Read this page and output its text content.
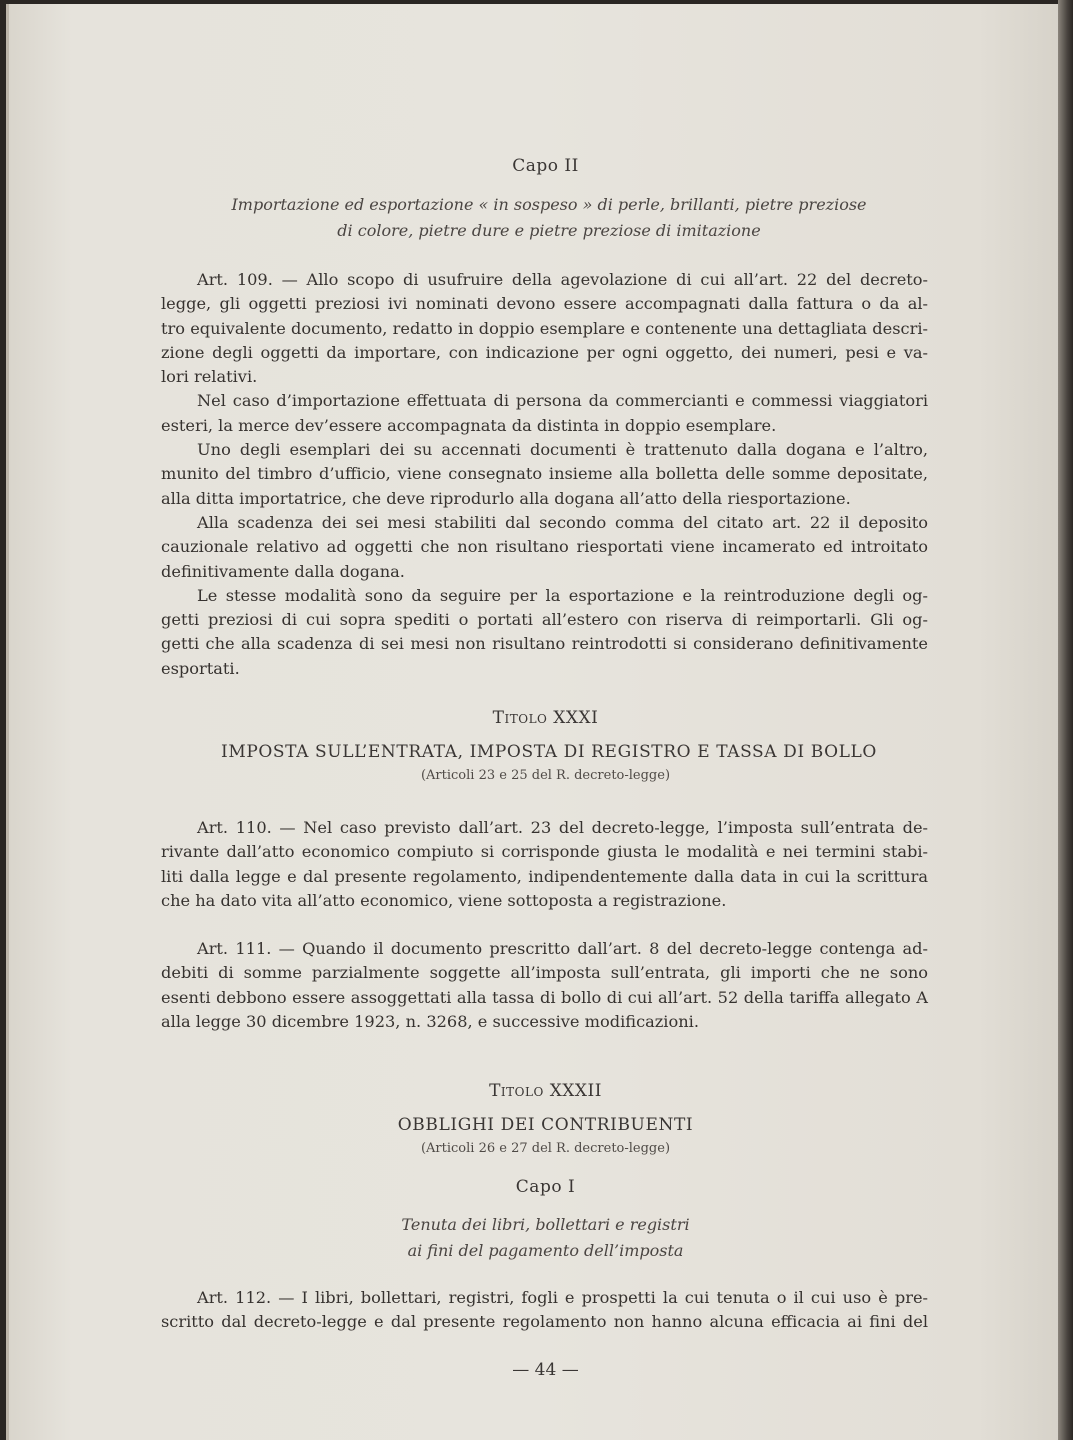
Capo II
Importazione ed esportazione « in sospeso » di perle, brillanti, pietre preziose
di colore, pietre dure e pietre preziose di imitazione
Art. 109. — Allo scopo di usufruire della agevolazione di cui all’art. 22 del decreto-
legge, gli oggetti preziosi ivi nominati devono essere accompagnati dalla fattura o da al-
tro equivalente documento, redatto in doppio esemplare e contenente una dettagliata descri-
zione degli oggetti da importare, con indicazione per ogni oggetto, dei numeri, pesi e va-
lori relativi.
Nel caso d’importazione effettuata di persona da commercianti e commessi viaggiatori
esteri, la merce dev’essere accompagnata da distinta in doppio esemplare.
Uno degli esemplari dei su accennati documenti è trattenuto dalla dogana e l’altro,
munito del timbro d’ufficio, viene consegnato insieme alla bolletta delle somme depositate,
alla ditta importatrice, che deve riprodurlo alla dogana all’atto della riesportazione.
Alla scadenza dei sei mesi stabiliti dal secondo comma del citato art. 22 il deposito
cauzionale relativo ad oggetti che non risultano riesportati viene incamerato ed introitato
definitivamente dalla dogana.
Le stesse modalità sono da seguire per la esportazione e la reintroduzione degli og-
getti preziosi di cui sopra spediti o portati all’estero con riserva di reimportarli. Gli og-
getti che alla scadenza di sei mesi non risultano reintrodotti si considerano definitivamente
esportati.
Titolo XXXI
IMPOSTA SULL’ENTRATA, IMPOSTA DI REGISTRO E TASSA DI BOLLO
(Articoli 23 e 25 del R. decreto-legge)
Art. 110. — Nel caso previsto dall’art. 23 del decreto-legge, l’imposta sull’entrata de-
rivante dall’atto economico compiuto si corrisponde giusta le modalità e nei termini stabi-
liti dalla legge e dal presente regolamento, indipendentemente dalla data in cui la scrittura
che ha dato vita all’atto economico, viene sottoposta a registrazione.
Art. 111. — Quando il documento prescritto dall’art. 8 del decreto-legge contenga ad-
debiti di somme parzialmente soggette all’imposta sull’entrata, gli importi che ne sono
esenti debbono essere assoggettati alla tassa di bollo di cui all’art. 52 della tariffa allegato A
alla legge 30 dicembre 1923, n. 3268, e successive modificazioni.
Titolo XXXII
OBBLIGHI DEI CONTRIBUENTI
(Articoli 26 e 27 del R. decreto-legge)
Capo I
Tenuta dei libri, bollettari e registri
ai fini del pagamento dell’imposta
Art. 112. — I libri, bollettari, registri, fogli e prospetti la cui tenuta o il cui uso è pre-
scritto dal decreto-legge e dal presente regolamento non hanno alcuna efficacia ai fini del
— 44 —
